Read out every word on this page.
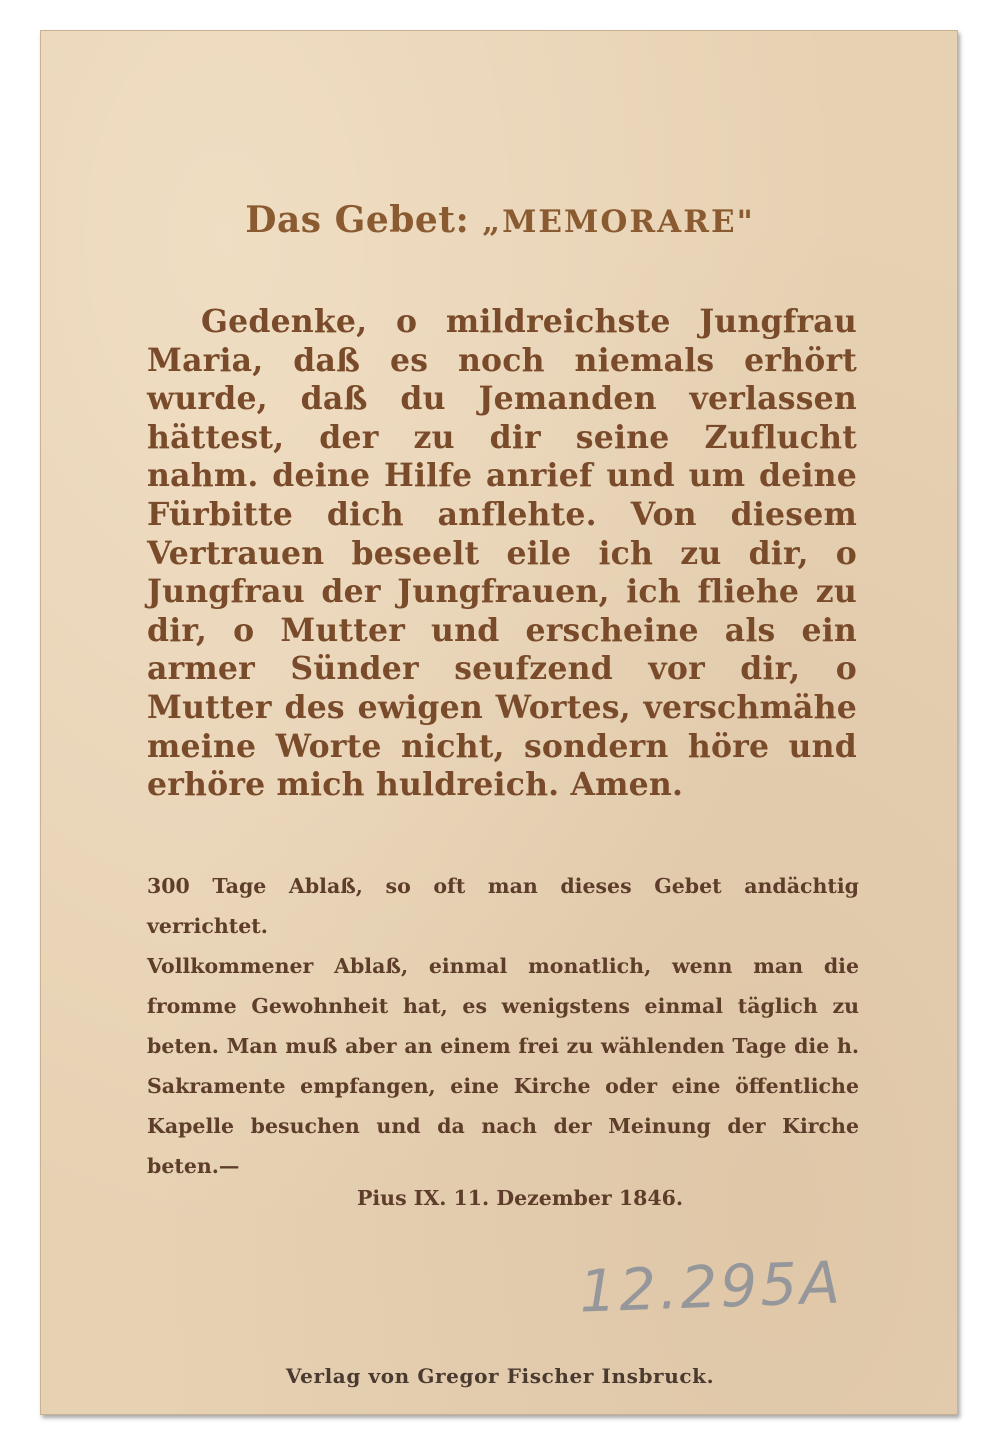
Das Gebet: „MEMORARE"

Gedenke, o mildreichste Jungfrau Maria, daß es noch niemals erhört wurde, daß du Jemanden verlassen hättest, der zu dir seine Zuflucht nahm. deine Hilfe anrief und um deine Fürbitte dich anflehte. Von diesem Vertrauen beseelt eile ich zu dir, o Jungfrau der Jungfrauen, ich fliehe zu dir, o Mutter und erscheine als ein armer Sünder seufzend vor dir, o Mutter des ewigen Wortes, verschmähe meine Worte nicht, sondern höre und erhöre mich huldreich. Amen.

300 Tage Ablaß, so oft man dieses Gebet andächtig verrichtet.

Vollkommener Ablaß, einmal monatlich, wenn man die fromme Gewohnheit hat, es wenigstens einmal täglich zu beten. Man muß aber an einem frei zu wählenden Tage die h. Sakramente empfangen, eine Kirche oder eine öffentliche Kapelle besuchen und da nach der Meinung der Kirche beten.—

Pius IX. 11. Dezember 1846.
12.295A
Verlag von Gregor Fischer Insbruck.
